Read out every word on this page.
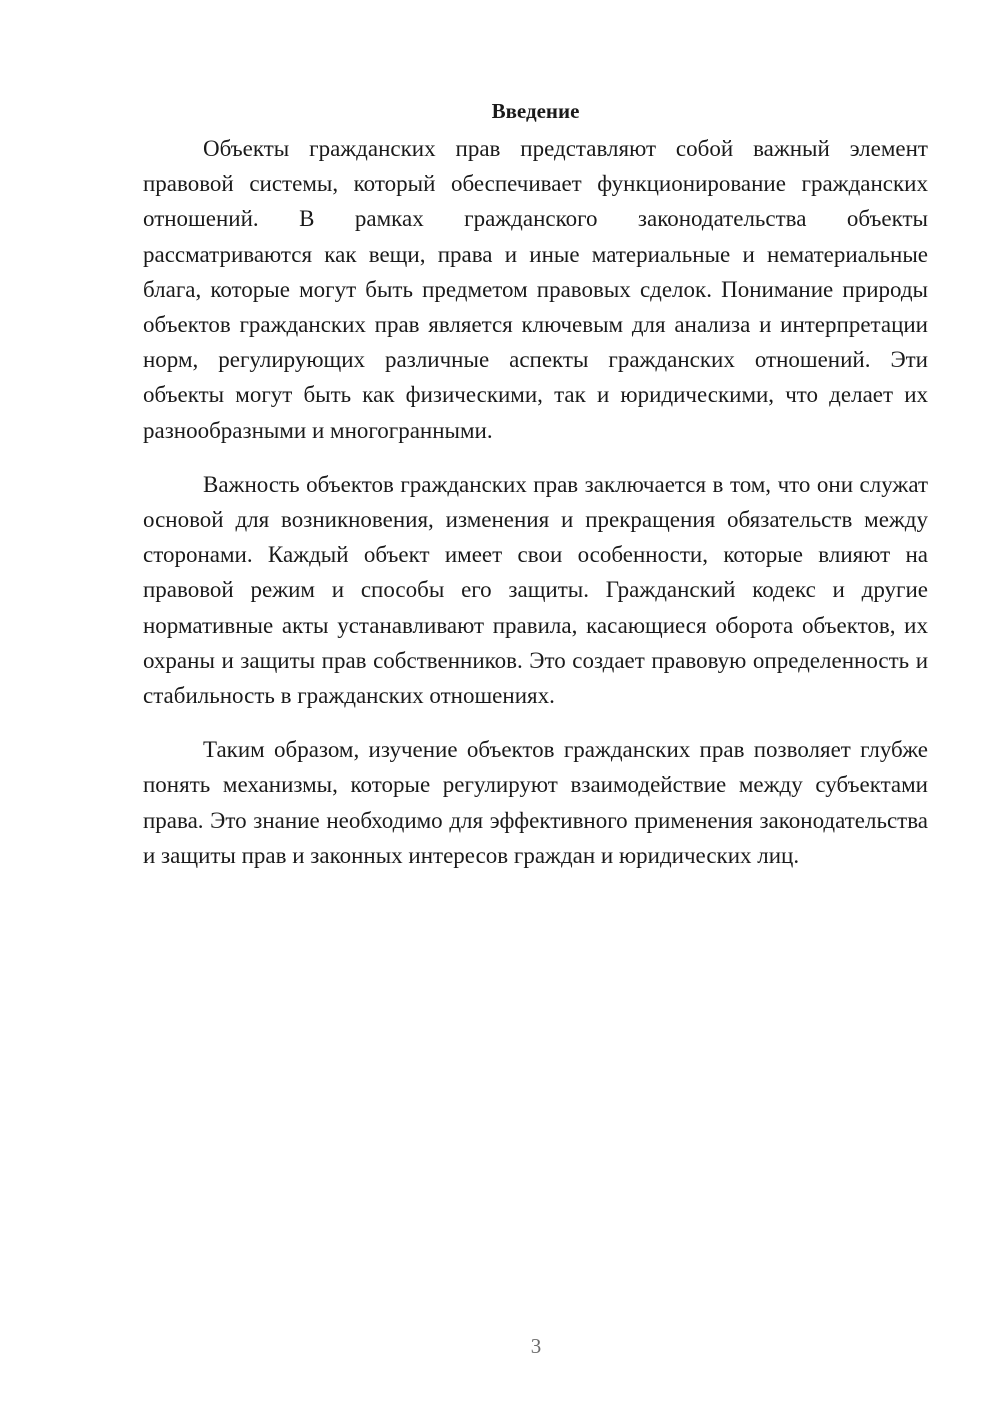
Введение

Объекты гражданских прав представляют собой важный элемент правовой системы, который обеспечивает функционирование гражданских отношений. В рамках гражданского законодательства объекты рассматриваются как вещи, права и иные материальные и нематериальные блага, которые могут быть предметом правовых сделок. Понимание природы объектов гражданских прав является ключевым для анализа и интерпретации норм, регулирующих различные аспекты гражданских отношений. Эти объекты могут быть как физическими, так и юридическими, что делает их разнообразными и многогранными.

Важность объектов гражданских прав заключается в том, что они служат основой для возникновения, изменения и прекращения обязательств между сторонами. Каждый объект имеет свои особенности, которые влияют на правовой режим и способы его защиты. Гражданский кодекс и другие нормативные акты устанавливают правила, касающиеся оборота объектов, их охраны и защиты прав собственников. Это создает правовую определенность и стабильность в гражданских отношениях.

Таким образом, изучение объектов гражданских прав позволяет глубже понять механизмы, которые регулируют взаимодействие между субъектами права. Это знание необходимо для эффективного применения законодательства и защиты прав и законных интересов граждан и юридических лиц.

3
